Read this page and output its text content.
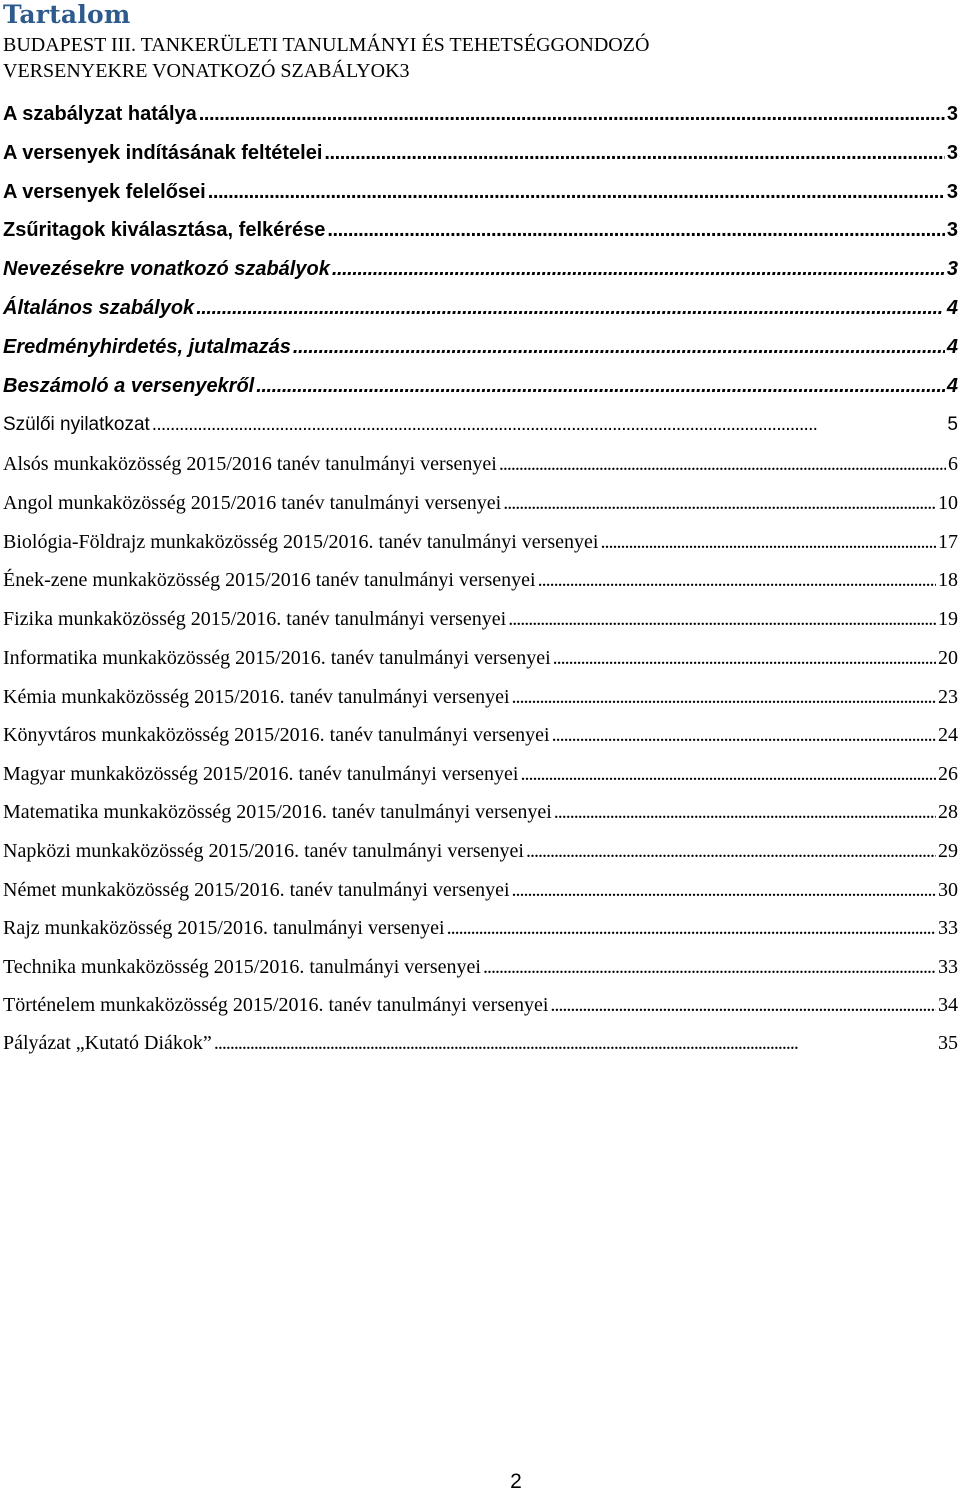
Tartalom
BUDAPEST III. TANKERÜLETI TANULMÁNYI ÉS TEHETSÉGGONDOZÓ
VERSENYEKRE VONATKOZÓ SZABÁLYOK 3
A szabályzat hatálya . . .	3
A versenyek indításának feltételei . . .	3
A versenyek felelősei . . .	3
Zsűritagok kiválasztása, felkérése . . .	3
Nevezésekre vonatkozó szabályok . . .	3
Általános szabályok . . .	4
Eredményhirdetés, jutalmazás . . .	4
Beszámoló a versenyekről . . .	4
Szülői nyilatkozat . . .	5
Alsós munkaközösség 2015/2016 tanév tanulmányi versenyei . . .	6
Angol munkaközösség 2015/2016 tanév tanulmányi versenyei . . .	10
Biológia-Földrajz munkaközösség 2015/2016. tanév tanulmányi versenyei . . .	17
Ének-zene munkaközösség 2015/2016 tanév tanulmányi versenyei . . .	18
Fizika munkaközösség 2015/2016. tanév tanulmányi versenyei . . .	19
Informatika munkaközösség 2015/2016. tanév tanulmányi versenyei . . .	20
Kémia munkaközösség 2015/2016. tanév tanulmányi versenyei . . .	23
Könyvtáros munkaközösség 2015/2016. tanév tanulmányi versenyei . . .	24
Magyar munkaközösség 2015/2016. tanév tanulmányi versenyei . . .	26
Matematika munkaközösség 2015/2016. tanév tanulmányi versenyei . . .	28
Napközi munkaközösség 2015/2016. tanév tanulmányi versenyei . . .	29
Német munkaközösség 2015/2016. tanév tanulmányi versenyei . . .	30
Rajz munkaközösség 2015/2016. tanulmányi versenyei . . .	33
Technika munkaközösség 2015/2016. tanulmányi versenyei . . .	33
Történelem munkaközösség 2015/2016. tanév tanulmányi versenyei . . .	34
Pályázat „Kutató Diákok” . . .	35
2
